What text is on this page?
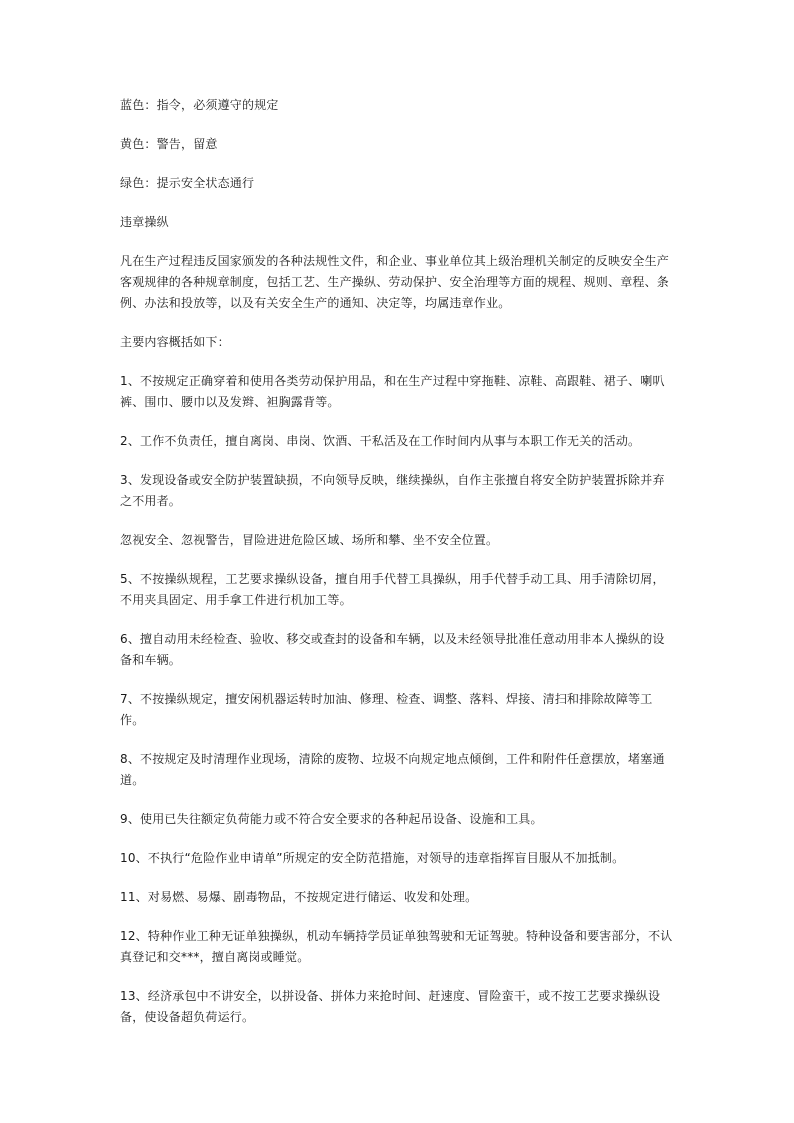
蓝色：指令，必须遵守的规定

黄色：警告，留意

绿色：提示安全状态通行

违章操纵

凡在生产过程违反国家颁发的各种法规性文件，和企业、事业单位其上级治理机关制定的反映安全生产客观规律的各种规章制度，包括工艺、生产操纵、劳动保护、安全治理等方面的规程、规则、章程、条例、办法和投放等，以及有关安全生产的通知、决定等，均属违章作业。

主要内容概括如下：

1、不按规定正确穿着和使用各类劳动保护用品，和在生产过程中穿拖鞋、凉鞋、高跟鞋、裙子、喇叭裤、围巾、腰巾以及发辫、袒胸露背等。

2、工作不负责任，擅自离岗、串岗、饮酒、干私活及在工作时间内从事与本职工作无关的活动。

3、发现设备或安全防护装置缺损，不向领导反映，继续操纵，自作主张擅自将安全防护装置拆除并弃之不用者。

忽视安全、忽视警告，冒险进进危险区域、场所和攀、坐不安全位置。

5、不按操纵规程，工艺要求操纵设备，擅自用手代替工具操纵，用手代替手动工具、用手清除切屑，不用夹具固定、用手拿工件进行机加工等。

6、擅自动用未经检查、验收、移交或查封的设备和车辆，以及未经领导批准任意动用非本人操纵的设备和车辆。

7、不按操纵规定，擅安闲机器运转时加油、修理、检查、调整、落料、焊接、清扫和排除故障等工作。

8、不按规定及时清理作业现场，清除的废物、垃圾不向规定地点倾倒，工件和附件任意摆放，堵塞通道。

9、使用已失往额定负荷能力或不符合安全要求的各种起吊设备、设施和工具。

10、不执行“危险作业申请单”所规定的安全防范措施，对领导的违章指挥盲目服从不加抵制。

11、对易燃、易爆、剧毒物品，不按规定进行储运、收发和处理。

12、特种作业工种无证单独操纵，机动车辆持学员证单独驾驶和无证驾驶。特种设备和要害部分，不认真登记和交***，擅自离岗或睡觉。

13、经济承包中不讲安全，以拼设备、拼体力来抢时间、赶速度、冒险蛮干，或不按工艺要求操纵设备，使设备超负荷运行。
